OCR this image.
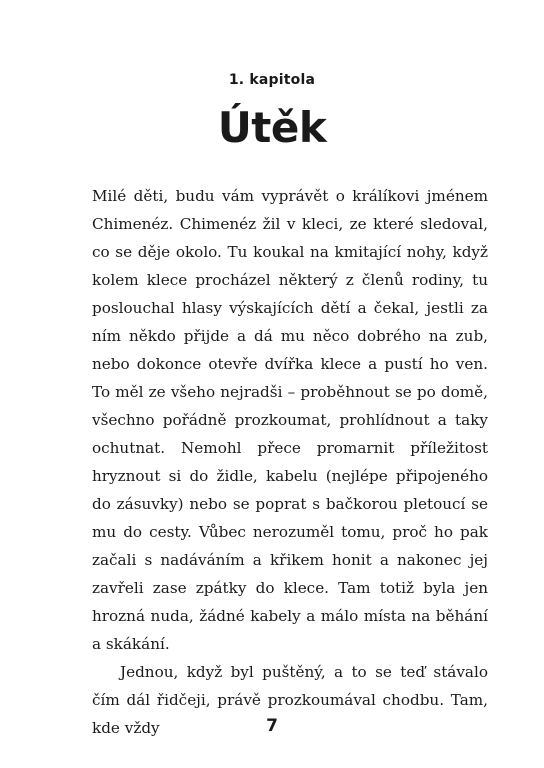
1. kapitola
Útěk

Milé děti, budu vám vyprávět o králíkovi jménem Chimenéz. Chimenéz žil v kleci, ze které sledoval, co se děje okolo. Tu koukal na kmitající nohy, když kolem klece procházel některý z členů rodiny, tu poslouchal hlasy výskajících dětí a čekal, jestli za ním někdo přijde a dá mu něco dobrého na zub, nebo dokonce otevře dvířka klece a pustí ho ven. To měl ze všeho nejradši – proběhnout se po domě, všechno pořádně prozkoumat, prohlídnout a taky ochutnat. Nemohl přece promarnit příležitost hryznout si do židle, kabelu (nejlépe připojeného do zásuvky) nebo se poprat s bačkorou pletoucí se mu do cesty. Vůbec nerozuměl tomu, proč ho pak začali s nadáváním a křikem honit a nakonec jej zavřeli zase zpátky do klece. Tam totiž byla jen hrozná nuda, žádné kabely a málo místa na běhání a skákání.

Jednou, když byl puštěný, a to se teď stávalo čím dál řidčeji, právě prozkoumával chodbu. Tam, kde vždy	7
